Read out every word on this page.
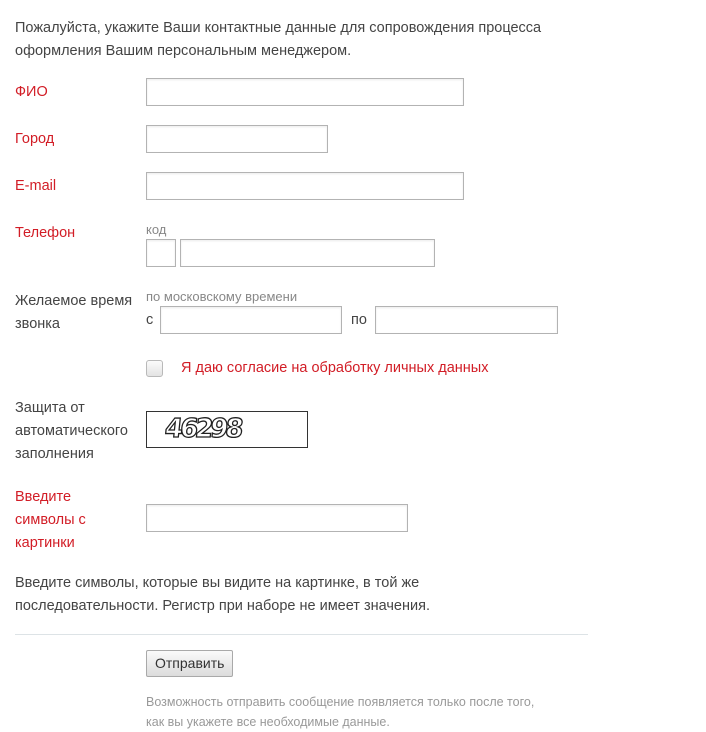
Пожалуйста, укажите Ваши контактные данные для сопровождения процесса оформления Вашим персональным менеджером.
ФИО
Город
E-mail
Телефон	код
Желаемое время
звонка
по московскому времени
с	по
Я даю согласие на обработку личных данных
Защита от
автоматического
заполнения
46298
Введите
символы с
картинки
Введите символы, которые вы видите на картинке, в той же
последовательности. Регистр при наборе не имеет значения.
Отправить
Возможность отправить сообщение появляется только после того,
как вы укажете все необходимые данные.
